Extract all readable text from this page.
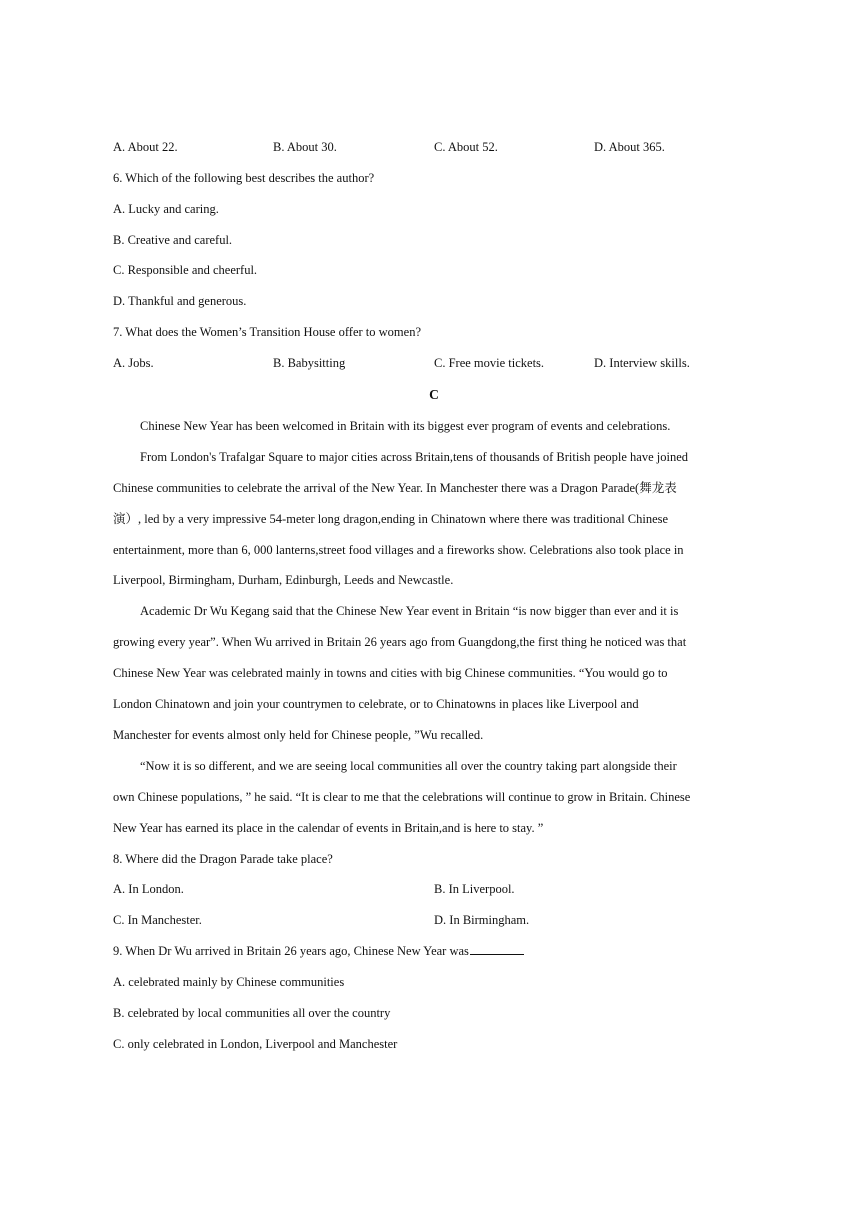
A. About 22.	B. About 30.	C. About 52.	D. About 365.
6. Which of the following best describes the author?
A. Lucky and caring.
B. Creative and careful.
C. Responsible and cheerful.
D. Thankful and generous.
7. What does the Women’s Transition House offer to women?
A. Jobs.	B. Babysitting	C. Free movie tickets.	D. Interview skills.
C
Chinese New Year has been welcomed in Britain with its biggest ever program of events and celebrations.
From London's Trafalgar Square to major cities across Britain,tens of thousands of British people have joined
Chinese communities to celebrate the arrival of the New Year. In Manchester there was a Dragon Parade(舞龙表
演）, led by a very impressive 54-meter long dragon,ending in Chinatown where there was traditional Chinese
entertainment, more than 6, 000 lanterns,street food villages and a fireworks show. Celebrations also took place in
Liverpool, Birmingham, Durham, Edinburgh, Leeds and Newcastle.
Academic Dr Wu Kegang said that the Chinese New Year event in Britain “is now bigger than ever and it is
growing every year”. When Wu arrived in Britain 26 years ago from Guangdong,the first thing he noticed was that
Chinese New Year was celebrated mainly in towns and cities with big Chinese communities. “You would go to
London Chinatown and join your countrymen to celebrate, or to Chinatowns in places like Liverpool and
Manchester for events almost only held for Chinese people, ”Wu recalled.
“Now it is so different, and we are seeing local communities all over the country taking part alongside their
own Chinese populations, ” he said. “It is clear to me that the celebrations will continue to grow in Britain. Chinese
New Year has earned its place in the calendar of events in Britain,and is here to stay. ”
8. Where did the Dragon Parade take place?
A. In London.	B. In Liverpool.
C. In Manchester.	D. In Birmingham.
9. When Dr Wu arrived in Britain 26 years ago, Chinese New Year was
A. celebrated mainly by Chinese communities
B. celebrated by local communities all over the country
C. only celebrated in London, Liverpool and Manchester
